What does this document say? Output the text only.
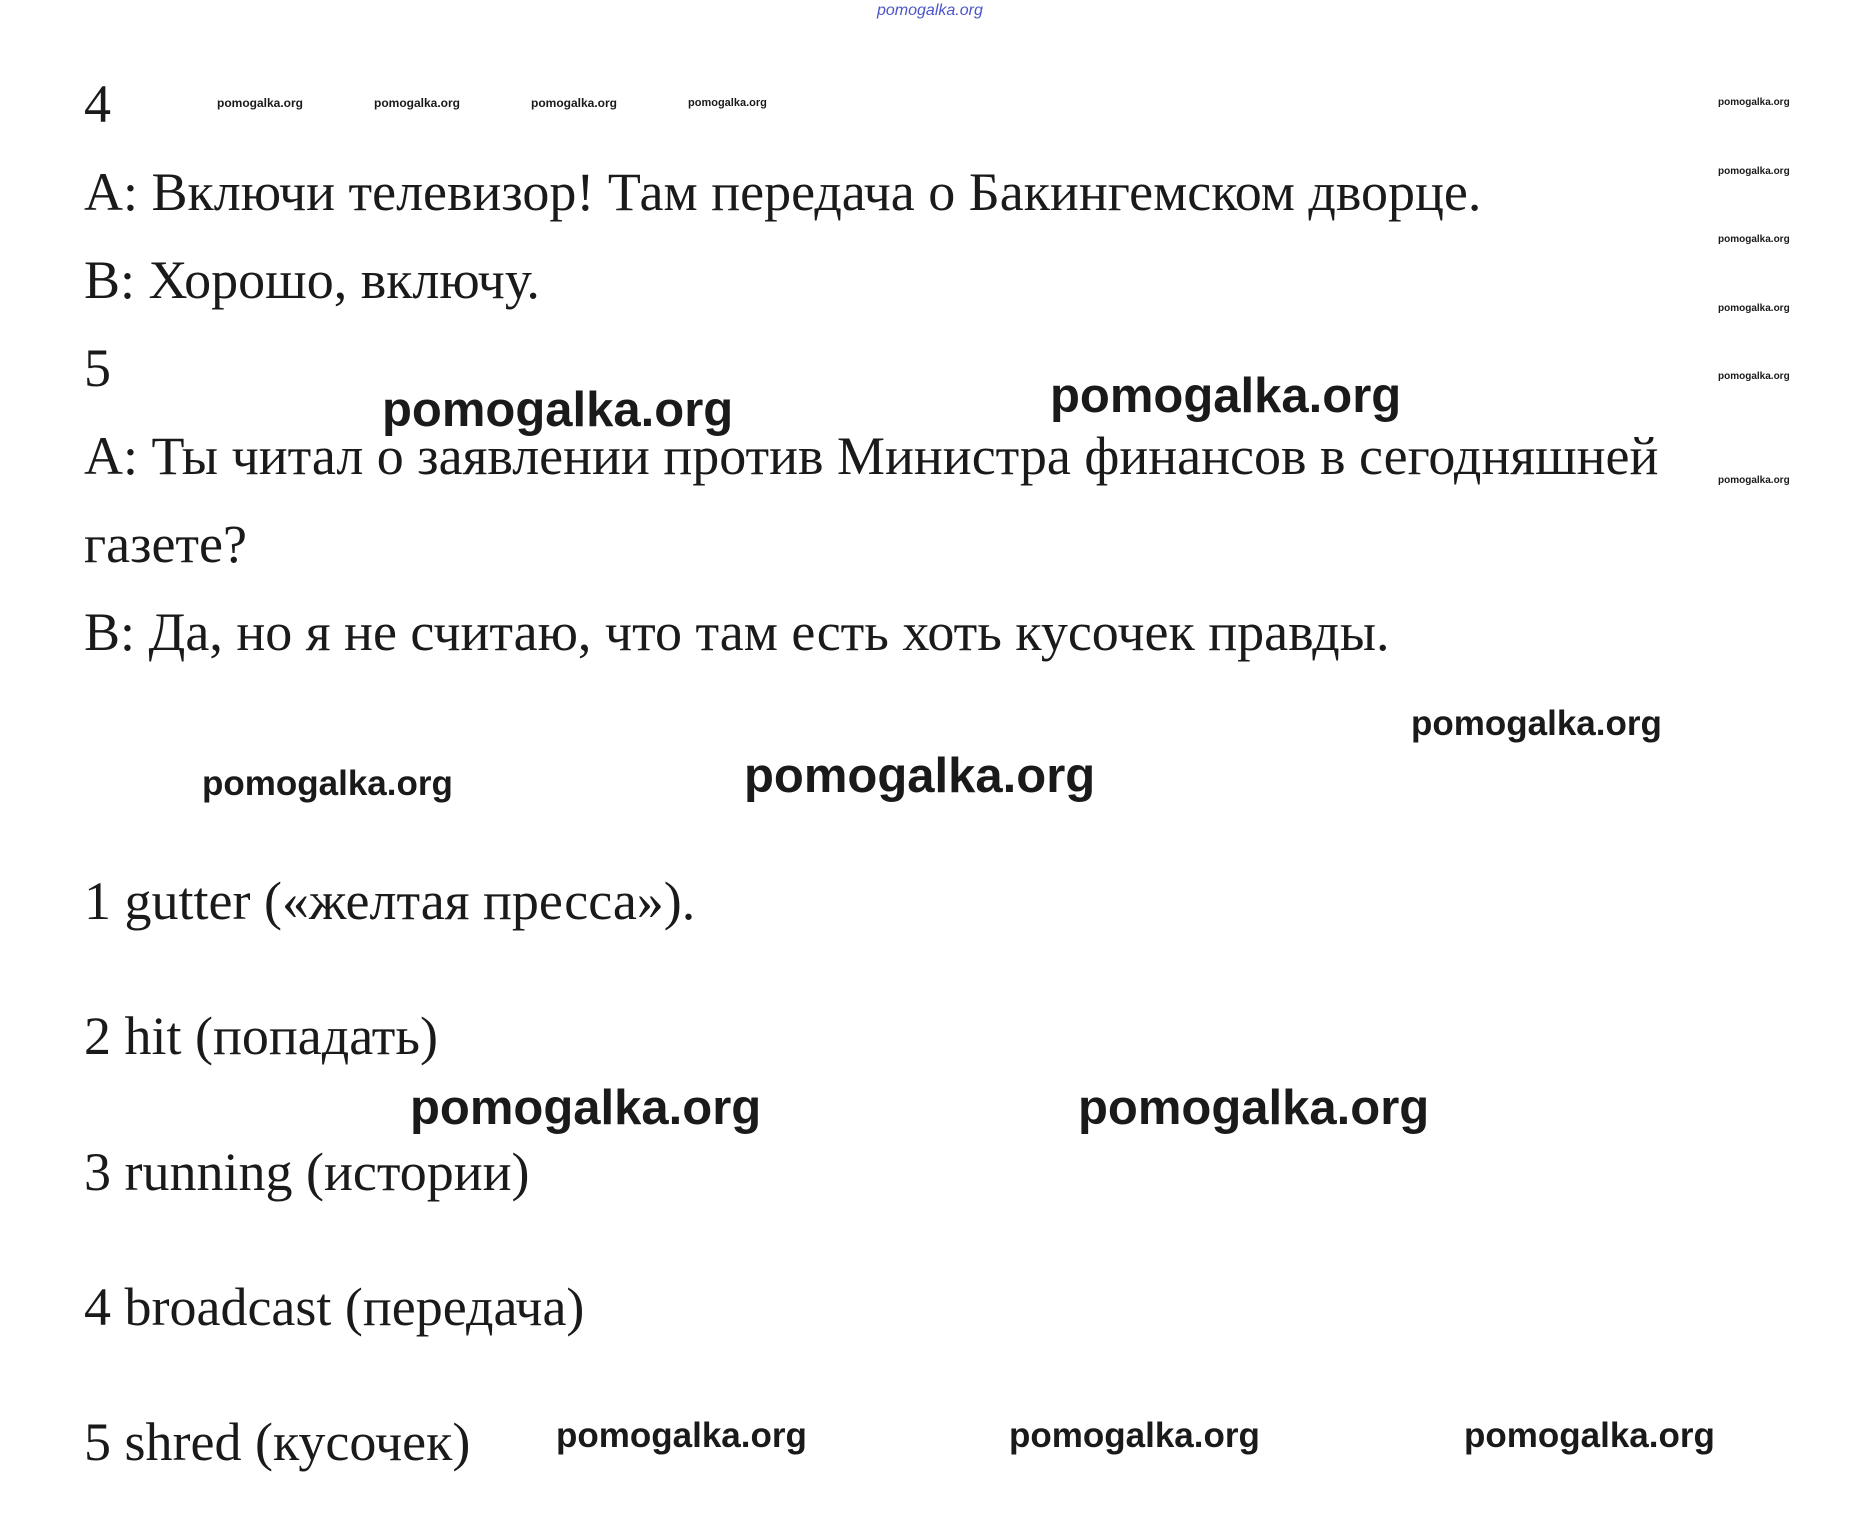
pomogalka.org
pomogalka.org	pomogalka.org	pomogalka.org	pomogalka.org	pomogalka.org
pomogalka.org
pomogalka.org
pomogalka.org
pomogalka.org
pomogalka.org
pomogalka.org	pomogalka.org
pomogalka.org
pomogalka.org	pomogalka.org
pomogalka.org	pomogalka.org
pomogalka.org	pomogalka.org	pomogalka.org
4
A: Включи телевизор! Там передача о Бакингемском дворце.
B: Хорошо, включу.
5
A: Ты читал о заявлении против Министра финансов в сегодняшней
газете?
B: Да, но я не считаю, что там есть хоть кусочек правды.
1 gutter («желтая пресса»).
2 hit (попадать)
3 running (истории)
4 broadcast (передача)
5 shred (кусочек)
